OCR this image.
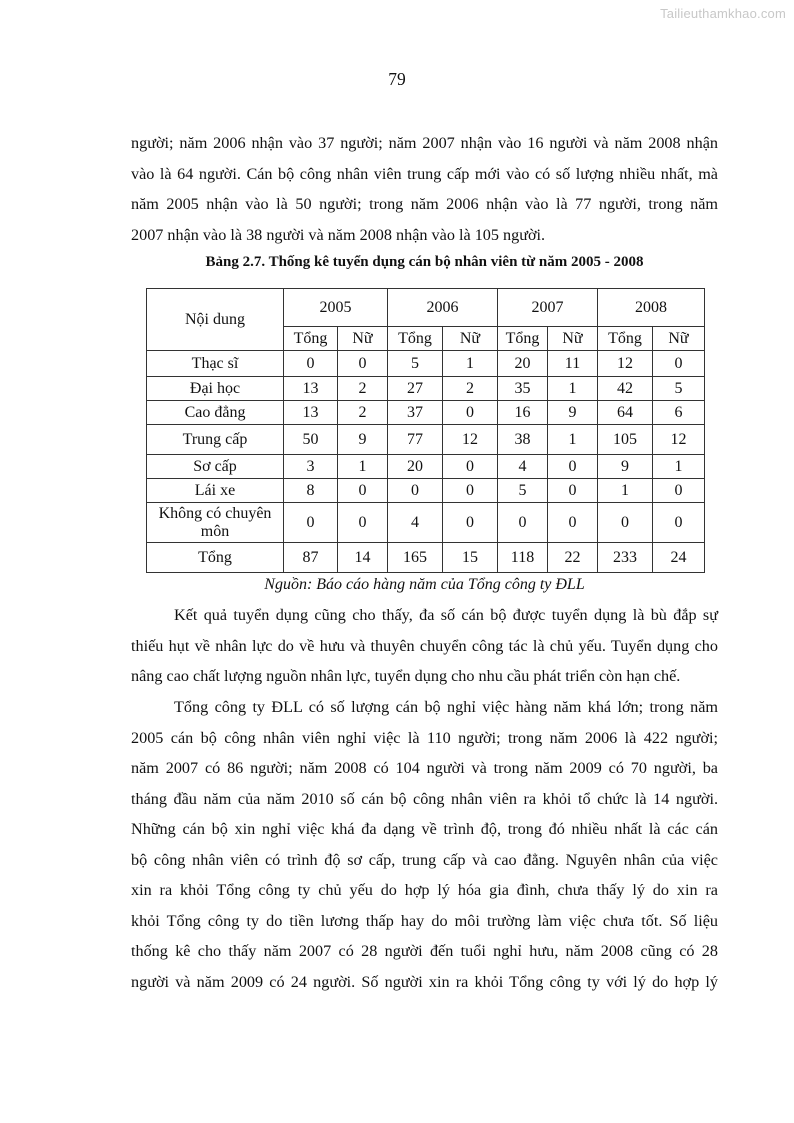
Tailieuthamkhao.com
79
người; năm 2006 nhận vào 37 người; năm 2007 nhận vào 16 người và năm 2008 nhận
vào là 64 người. Cán bộ công nhân viên trung cấp mới vào có số lượng nhiều nhất, mà
năm 2005 nhận vào là 50 người; trong năm 2006 nhận vào là 77 người, trong năm
2007 nhận vào là 38 người và năm 2008 nhận vào là 105 người.
Bảng 2.7. Thống kê tuyển dụng cán bộ nhân viên từ năm 2005 - 2008
Nội dung	2005		2006		2007		2008	
	Tổng	Nữ	Tổng	Nữ	Tổng	Nữ	Tổng	Nữ
Thạc sĩ	0	0	5	1	20	11	12	0
Đại học	13	2	27	2	35	1	42	5
Cao đẳng	13	2	37	0	16	9	64	6
Trung cấp	50	9	77	12	38	1	105	12
Sơ cấp	3	1	20	0	4	0	9	1
Lái xe	8	0	0	0	5	0	1	0
Không có chuyên môn	0	0	4	0	0	0	0	0
Tổng	87	14	165	15	118	22	233	24
Nguồn: Báo cáo hàng năm của Tổng công ty ĐLL
Kết quả tuyển dụng cũng cho thấy, đa số cán bộ được tuyển dụng là bù đắp sự
thiếu hụt về nhân lực do về hưu và thuyên chuyển công tác là chủ yếu. Tuyển dụng cho
nâng cao chất lượng nguồn nhân lực, tuyển dụng cho nhu cầu phát triển còn hạn chế.
Tổng công ty ĐLL có số lượng cán bộ nghỉ việc hàng năm khá lớn; trong năm
2005 cán bộ công nhân viên nghỉ việc là 110 người; trong năm 2006 là 422 người;
năm 2007 có 86 người; năm 2008 có 104 người và trong năm 2009 có 70 người, ba
tháng đầu năm của năm 2010 số cán bộ công nhân viên ra khỏi tổ chức là 14 người.
Những cán bộ xin nghỉ việc khá đa dạng về trình độ, trong đó nhiều nhất là các cán
bộ công nhân viên có trình độ sơ cấp, trung cấp và cao đẳng. Nguyên nhân của việc
xin ra khỏi Tổng công ty chủ yếu do hợp lý hóa gia đình, chưa thấy lý do xin ra
khỏi Tổng công ty do tiền lương thấp hay do môi trường làm việc chưa tốt. Số liệu
thống kê cho thấy năm 2007 có 28 người đến tuổi nghỉ hưu, năm 2008 cũng có 28
người và năm 2009 có 24 người. Số người xin ra khỏi Tổng công ty với lý do hợp lý
